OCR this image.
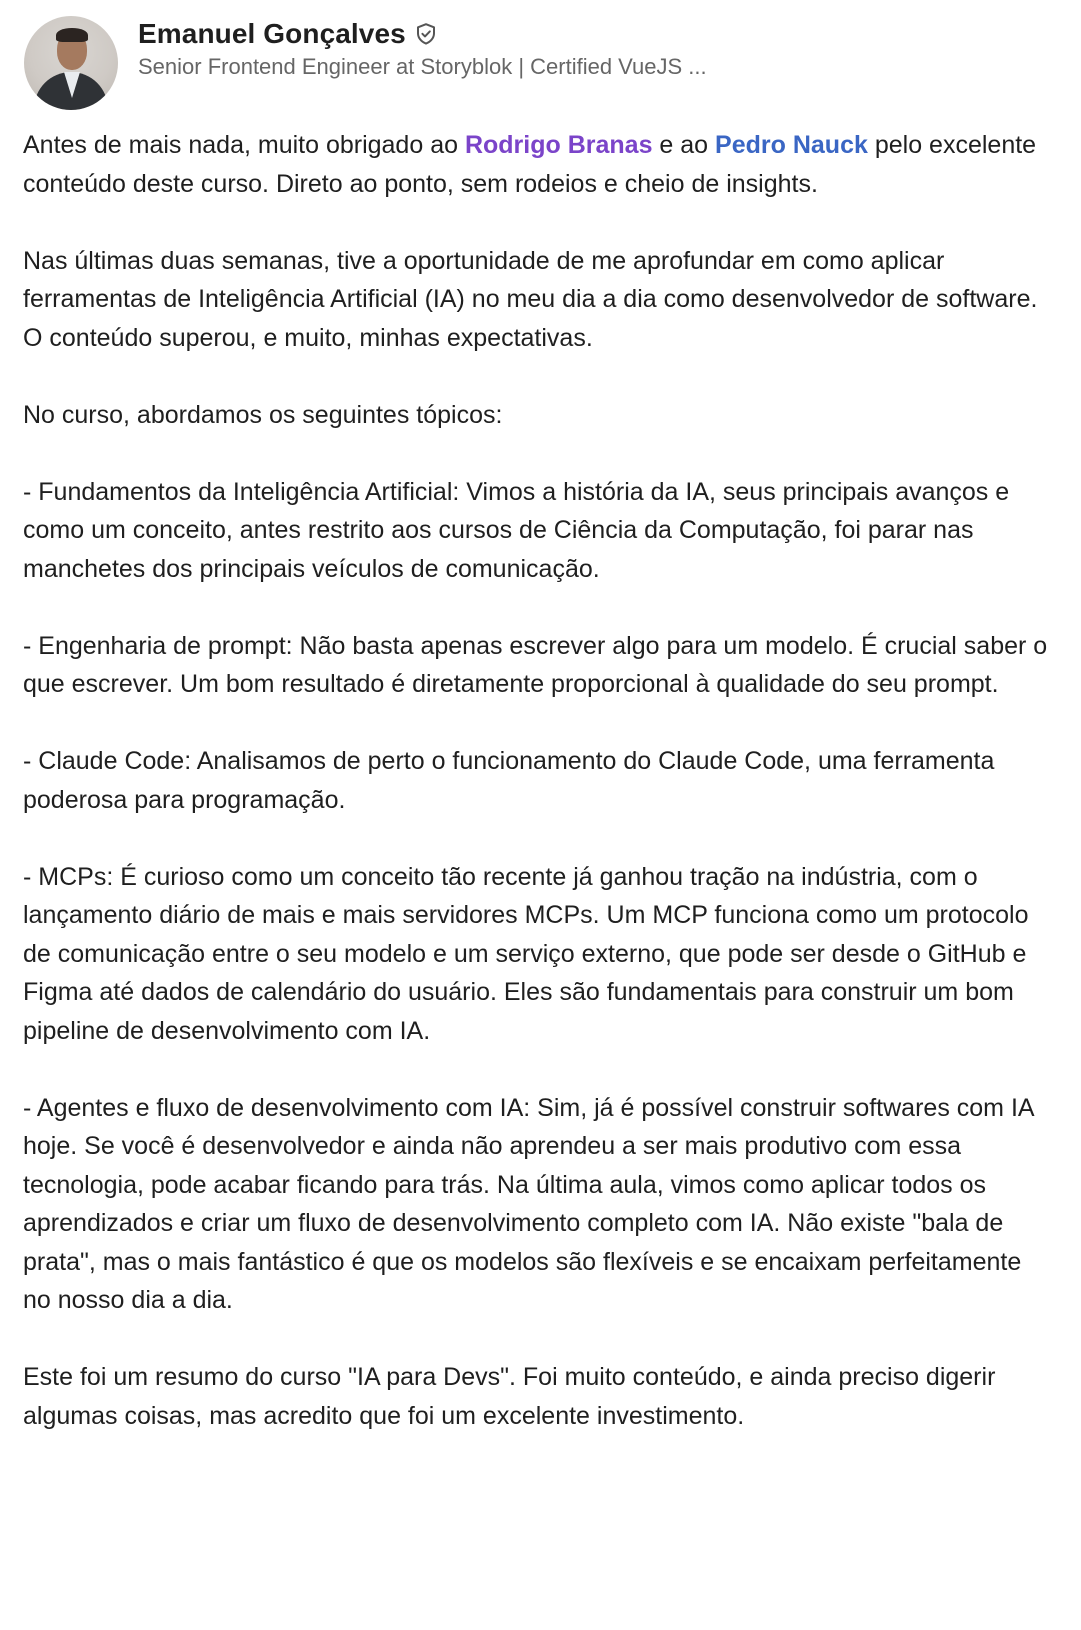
Emanuel Gonçalves
Senior Frontend Engineer at Storyblok | Certified VueJS ...

Antes de mais nada, muito obrigado ao Rodrigo Branas e ao Pedro Nauck pelo excelente conteúdo deste curso. Direto ao ponto, sem rodeios e cheio de insights.

Nas últimas duas semanas, tive a oportunidade de me aprofundar em como aplicar ferramentas de Inteligência Artificial (IA) no meu dia a dia como desenvolvedor de software. O conteúdo superou, e muito, minhas expectativas.

No curso, abordamos os seguintes tópicos:

- Fundamentos da Inteligência Artificial: Vimos a história da IA, seus principais avanços e como um conceito, antes restrito aos cursos de Ciência da Computação, foi parar nas manchetes dos principais veículos de comunicação.

- Engenharia de prompt: Não basta apenas escrever algo para um modelo. É crucial saber o que escrever. Um bom resultado é diretamente proporcional à qualidade do seu prompt.

- Claude Code: Analisamos de perto o funcionamento do Claude Code, uma ferramenta poderosa para programação.

- MCPs: É curioso como um conceito tão recente já ganhou tração na indústria, com o lançamento diário de mais e mais servidores MCPs. Um MCP funciona como um protocolo de comunicação entre o seu modelo e um serviço externo, que pode ser desde o GitHub e Figma até dados de calendário do usuário. Eles são fundamentais para construir um bom pipeline de desenvolvimento com IA.

- Agentes e fluxo de desenvolvimento com IA: Sim, já é possível construir softwares com IA hoje. Se você é desenvolvedor e ainda não aprendeu a ser mais produtivo com essa tecnologia, pode acabar ficando para trás. Na última aula, vimos como aplicar todos os aprendizados e criar um fluxo de desenvolvimento completo com IA. Não existe "bala de prata", mas o mais fantástico é que os modelos são flexíveis e se encaixam perfeitamente no nosso dia a dia.

Este foi um resumo do curso "IA para Devs". Foi muito conteúdo, e ainda preciso digerir algumas coisas, mas acredito que foi um excelente investimento.
